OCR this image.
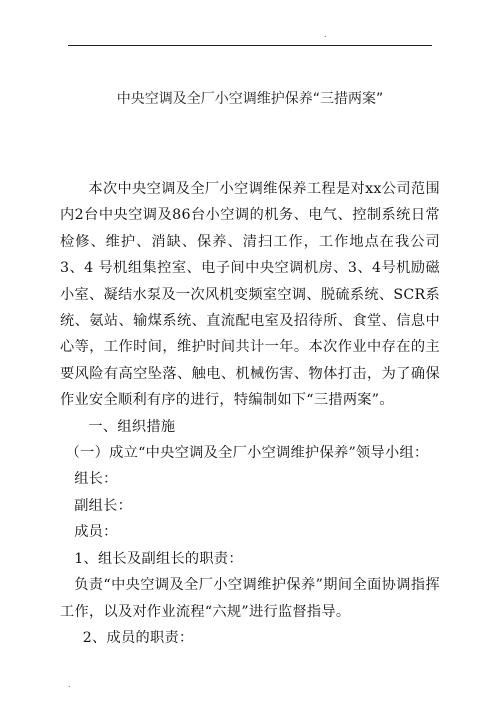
.
中央空调及全厂小空调维护保养“三措两案”

本次中央空调及全厂小空调维保养工程是对xx公司范围内2台中央空调及86台小空调的机务、电气、控制系统日常检修、维护、消缺、保养、清扫工作，工作地点在我公司3、4 号机组集控室、电子间中央空调机房、3、4号机励磁小室、凝结水泵及一次风机变频室空调、脱硫系统、SCR系统、氨站、输煤系统、直流配电室及招待所、食堂、信息中心等，工作时间，维护时间共计一年。本次作业中存在的主要风险有高空坠落、触电、机械伤害、物体打击，为了确保作业安全顺利有序的进行，特编制如下“三措两案”。

一、组织措施

（一）成立“中央空调及全厂小空调维护保养”领导小组：

组长：

副组长：

成员：

1、组长及副组长的职责：

负责“中央空调及全厂小空调维护保养”期间全面协调指挥工作，以及对作业流程“六规”进行监督指导。

2、成员的职责：

.
